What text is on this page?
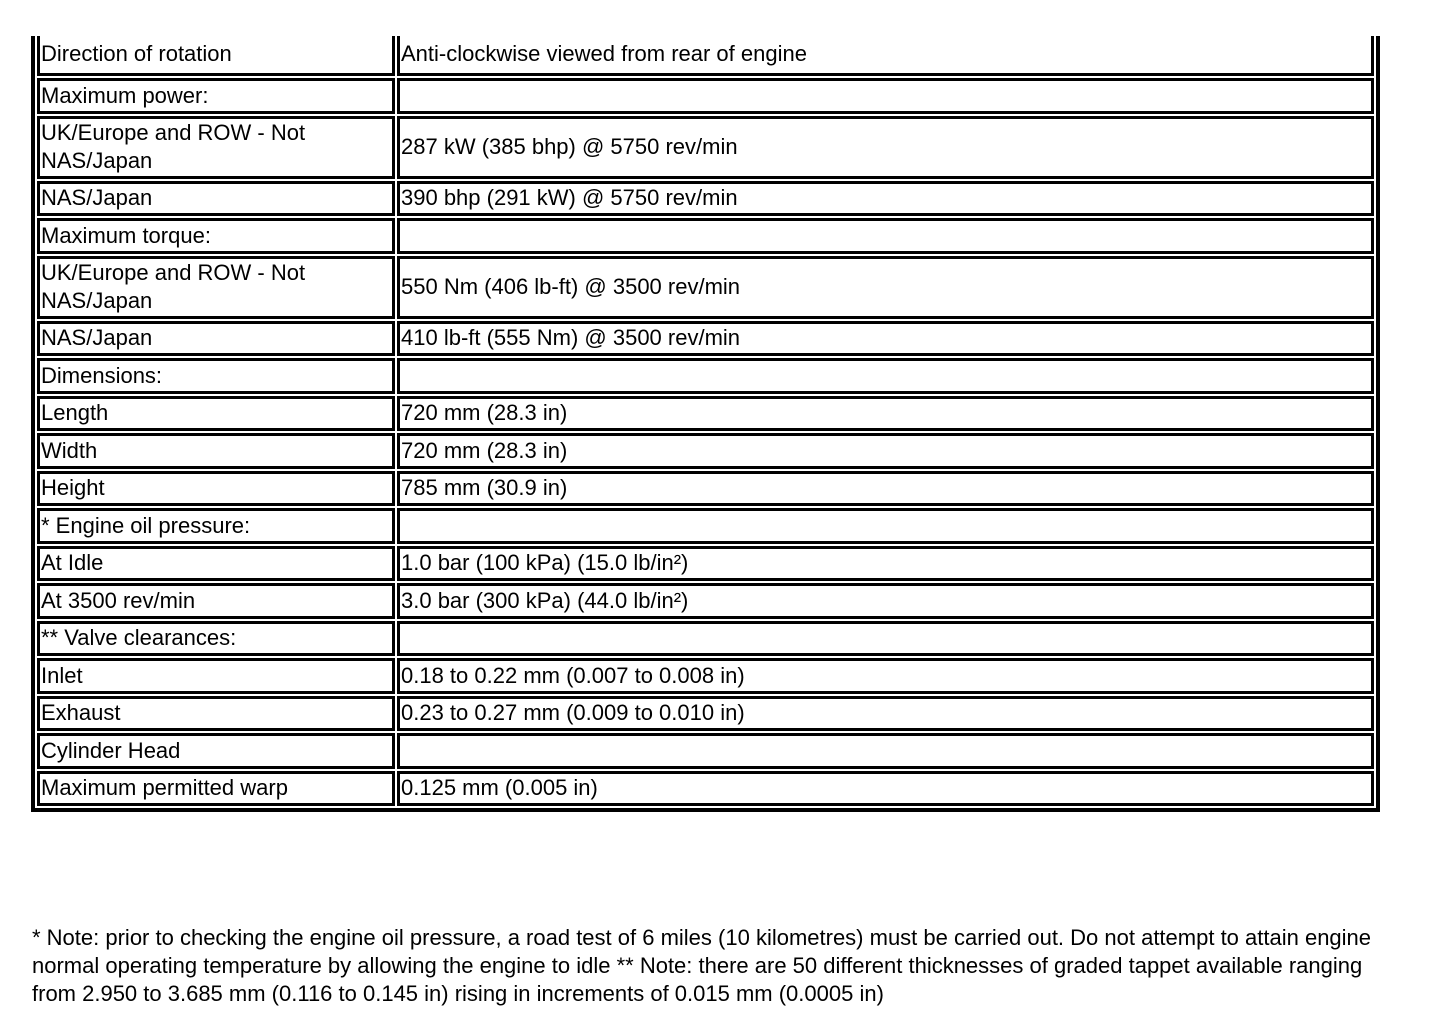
Direction of rotation	Anti-clockwise viewed from rear of engine
Maximum power:	
UK/Europe and ROW - Not NAS/Japan	287 kW (385 bhp) @ 5750 rev/min
NAS/Japan	390 bhp (291 kW) @ 5750 rev/min
Maximum torque:	
UK/Europe and ROW - Not NAS/Japan	550 Nm (406 lb-ft) @ 3500 rev/min
NAS/Japan	410 lb-ft (555 Nm) @ 3500 rev/min
Dimensions:	
Length	720 mm (28.3 in)
Width	720 mm (28.3 in)
Height	785 mm (30.9 in)
* Engine oil pressure:	
At Idle	1.0 bar (100 kPa) (15.0 lb/in²)
At 3500 rev/min	3.0 bar (300 kPa) (44.0 lb/in²)
** Valve clearances:	
Inlet	0.18 to 0.22 mm (0.007 to 0.008 in)
Exhaust	0.23 to 0.27 mm (0.009 to 0.010 in)
Cylinder Head	
Maximum permitted warp	0.125 mm (0.005 in)
* Note: prior to checking the engine oil pressure, a road test of 6 miles (10 kilometres) must be carried out. Do not attempt to attain engine normal operating temperature by allowing the engine to idle ** Note: there are 50 different thicknesses of graded tappet available ranging from 2.950 to 3.685 mm (0.116 to 0.145 in) rising in increments of 0.015 mm (0.0005 in)
